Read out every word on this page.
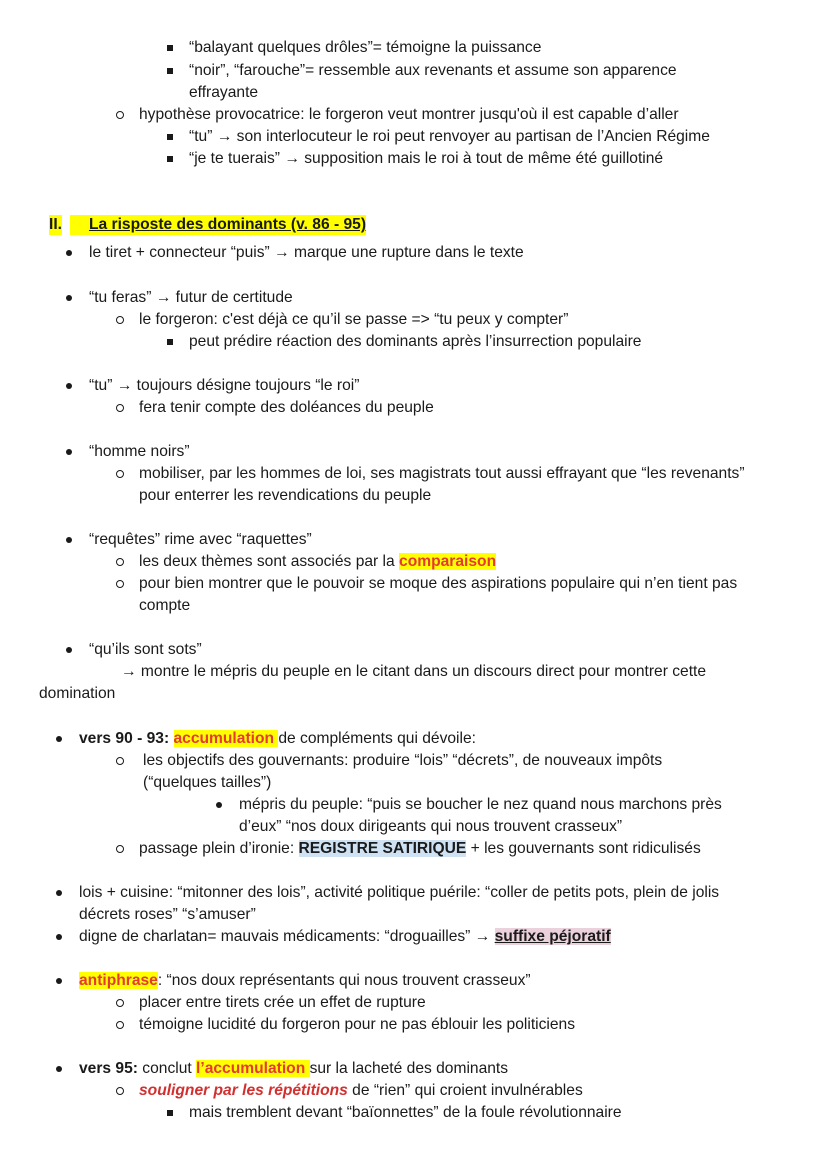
“balayant quelques drôles”= témoigne la puissance
“noir”, “farouche”= ressemble aux revenants et assume son apparence
effrayante
hypothèse provocatrice: le forgeron veut montrer jusqu'où il est capable d’aller
“tu” → son interlocuteur le roi peut renvoyer au partisan de l’Ancien Régime
“je te tuerais” → supposition mais le roi à tout de même été guillotiné
II.
La risposte des dominants (v. 86 - 95)
le tiret + connecteur “puis” → marque une rupture dans le texte
“tu feras” → futur de certitude
le forgeron: c'est déjà ce qu’il se passe => “tu peux y compter”
peut prédire réaction des dominants après l’insurrection populaire
“tu” → toujours désigne toujours “le roi”
fera tenir compte des doléances du peuple
“homme noirs”
mobiliser, par les hommes de loi, ses magistrats tout aussi effrayant que “les revenants”
pour enterrer les revendications du peuple
“requêtes” rime avec “raquettes”
les deux thèmes sont associés par la comparaison
pour bien montrer que le pouvoir se moque des aspirations populaire qui n’en tient pas
compte
“qu’ils sont sots”
→ montre le mépris du peuple en le citant dans un discours direct pour montrer cette
domination
vers 90 - 93: accumulation de compléments qui dévoile:
les objectifs des gouvernants: produire “lois” “décrets”, de nouveaux impôts
(“quelques tailles”)
mépris du peuple: “puis se boucher le nez quand nous marchons près
d’eux” “nos doux dirigeants qui nous trouvent crasseux”
passage plein d’ironie: REGISTRE SATIRIQUE + les gouvernants sont ridiculisés
lois + cuisine: “mitonner des lois”, activité politique puérile: “coller de petits pots, plein de jolis
décrets roses” “s’amuser”
digne de charlatan= mauvais médicaments: “droguailles” → suffixe péjoratif
antiphrase: “nos doux représentants qui nous trouvent crasseux”
placer entre tirets crée un effet de rupture
témoigne lucidité du forgeron pour ne pas éblouir les politiciens
vers 95: conclut l’accumulation sur la lacheté des dominants
souligner par les répétitions de “rien” qui croient invulnérables
mais tremblent devant “baïonnettes” de la foule révolutionnaire
